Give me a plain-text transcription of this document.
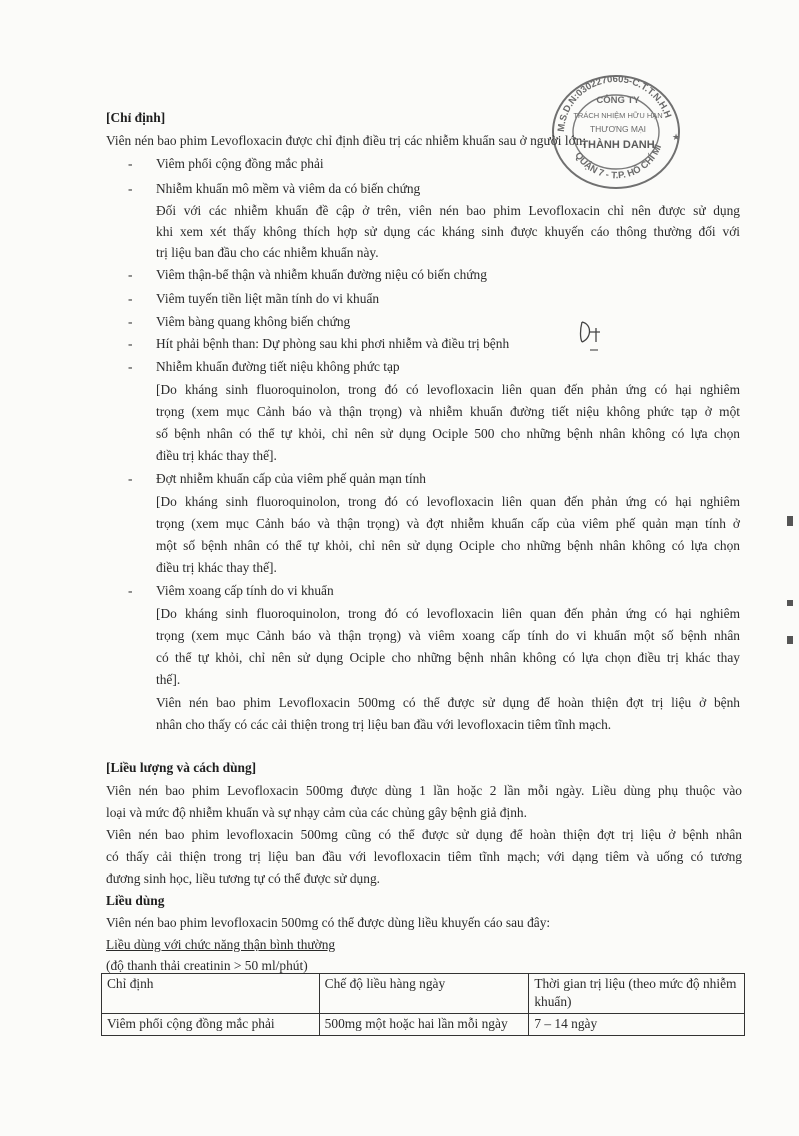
M.S.D.N:0302270605-C.T.T.N.H.H
QUẬN 7 - T.P. HỒ CHÍ MI
CÔNG TY
TRÁCH NHIỆM HỮU HẠN
THƯƠNG MẠI
THÀNH DANH
★
[Chỉ định]
Viên nén bao phim Levofloxacin được chỉ định điều trị các nhiễm khuẩn sau ở người lớn:
- Viêm phổi cộng đồng mắc phải
- Nhiễm khuẩn mô mềm và viêm da có biến chứng
Đối với các nhiễm khuẩn đề cập ở trên, viên nén bao phim Levofloxacin chỉ nên được sử dụng
khi xem xét thấy không thích hợp sử dụng các kháng sinh được khuyến cáo thông thường đối với
trị liệu ban đầu cho các nhiễm khuẩn này.
- Viêm thận-bể thận và nhiễm khuẩn đường niệu có biến chứng
- Viêm tuyến tiền liệt mãn tính do vi khuẩn
- Viêm bàng quang không biến chứng
- Hít phải bệnh than: Dự phòng sau khi phơi nhiễm và điều trị bệnh
- Nhiễm khuẩn đường tiết niệu không phức tạp
[Do kháng sinh fluoroquinolon, trong đó có levofloxacin liên quan đến phản ứng có hại nghiêm
trọng (xem mục Cảnh báo và thận trọng) và nhiễm khuẩn đường tiết niệu không phức tạp ở một
số bệnh nhân có thể tự khỏi, chỉ nên sử dụng Ociple 500 cho những bệnh nhân không có lựa chọn
điều trị khác thay thế].
- Đợt nhiễm khuẩn cấp của viêm phế quản mạn tính
[Do kháng sinh fluoroquinolon, trong đó có levofloxacin liên quan đến phản ứng có hại nghiêm
trọng (xem mục Cảnh báo và thận trọng) và đợt nhiễm khuẩn cấp của viêm phế quản mạn tính ở
một số bệnh nhân có thể tự khỏi, chỉ nên sử dụng Ociple cho những bệnh nhân không có lựa chọn
điều trị khác thay thế].
- Viêm xoang cấp tính do vi khuẩn
[Do kháng sinh fluoroquinolon, trong đó có levofloxacin liên quan đến phản ứng có hại nghiêm
trọng (xem mục Cảnh báo và thận trọng) và viêm xoang cấp tính do vi khuẩn một số bệnh nhân
có thể tự khỏi, chỉ nên sử dụng Ociple cho những bệnh nhân không có lựa chọn điều trị khác thay
thế].
Viên nén bao phim Levofloxacin 500mg có thể được sử dụng để hoàn thiện đợt trị liệu ở bệnh
nhân cho thấy có các cải thiện trong trị liệu ban đầu với levofloxacin tiêm tĩnh mạch.
[Liều lượng và cách dùng]
Viên nén bao phim Levofloxacin 500mg được dùng 1 lần hoặc 2 lần mỗi ngày. Liều dùng phụ thuộc vào
loại và mức độ nhiễm khuẩn và sự nhạy cảm của các chủng gây bệnh giả định.
Viên nén bao phim levofloxacin 500mg cũng có thể được sử dụng để hoàn thiện đợt trị liệu ở bệnh nhân
có thấy cải thiện trong trị liệu ban đầu với levofloxacin tiêm tĩnh mạch; với dạng tiêm và uống có tương
đương sinh học, liều tương tự có thể được sử dụng.
Liều dùng
Viên nén bao phim levofloxacin 500mg có thể được dùng liều khuyến cáo sau đây:
Liều dùng với chức năng thận bình thường
(độ thanh thải creatinin > 50 ml/phút)
Chỉ định	Chế độ liều hàng ngày	Thời gian trị liệu (theo mức độ nhiễm khuẩn)
Viêm phổi cộng đồng mắc phải	500mg một hoặc hai lần mỗi ngày	7 – 14 ngày
